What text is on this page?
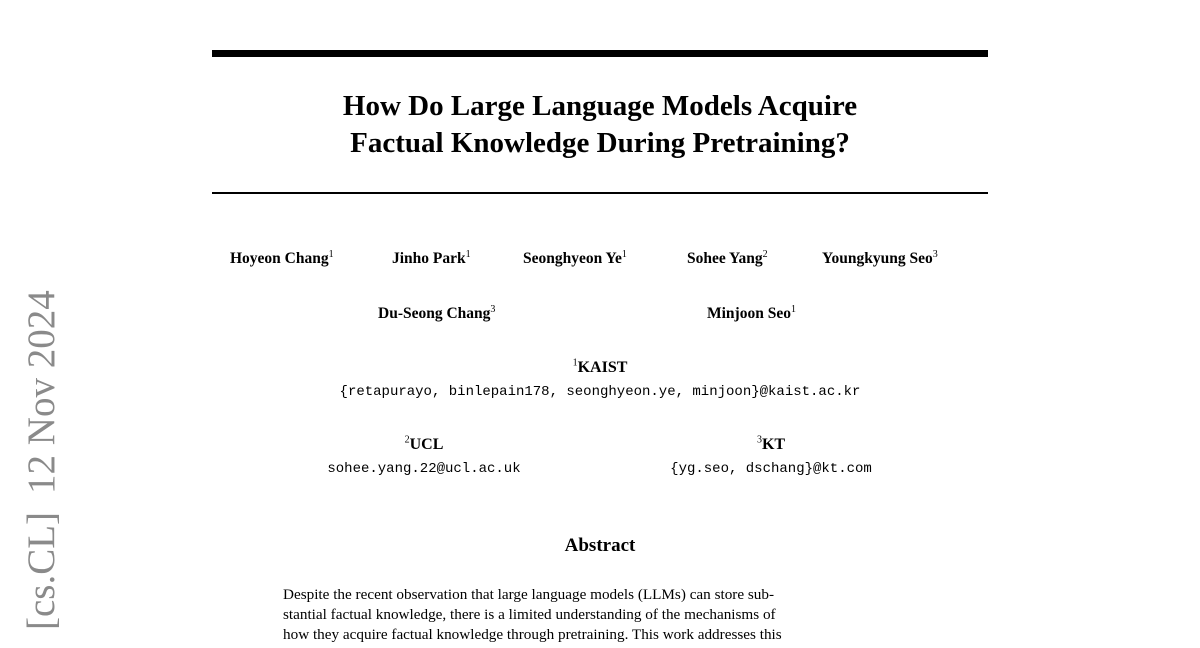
How Do Large Language Models Acquire
Factual Knowledge During Pretraining?
Hoyeon Chang$^1$	Jinho Park$^1$	Seonghyeon Ye$^1$	Sohee Yang$^2$	Youngkyung Seo$^3$
Du-Seong Chang$^3$	Minjoon Seo$^1$
$^1$KAIST
{retapurayo, binlepain178, seonghyeon.ye, minjoon}@kaist.ac.kr
$^2$UCL
sohee.yang.22@ucl.ac.uk
$^3$KT
{yg.seo, dschang}@kt.com
Abstract

Despite the recent observation that large language models (LLMs) can store sub-
stantial factual knowledge, there is a limited understanding of the mechanisms of
how they acquire factual knowledge through pretraining. This work addresses this

[cs.CL]12 Nov 2024
